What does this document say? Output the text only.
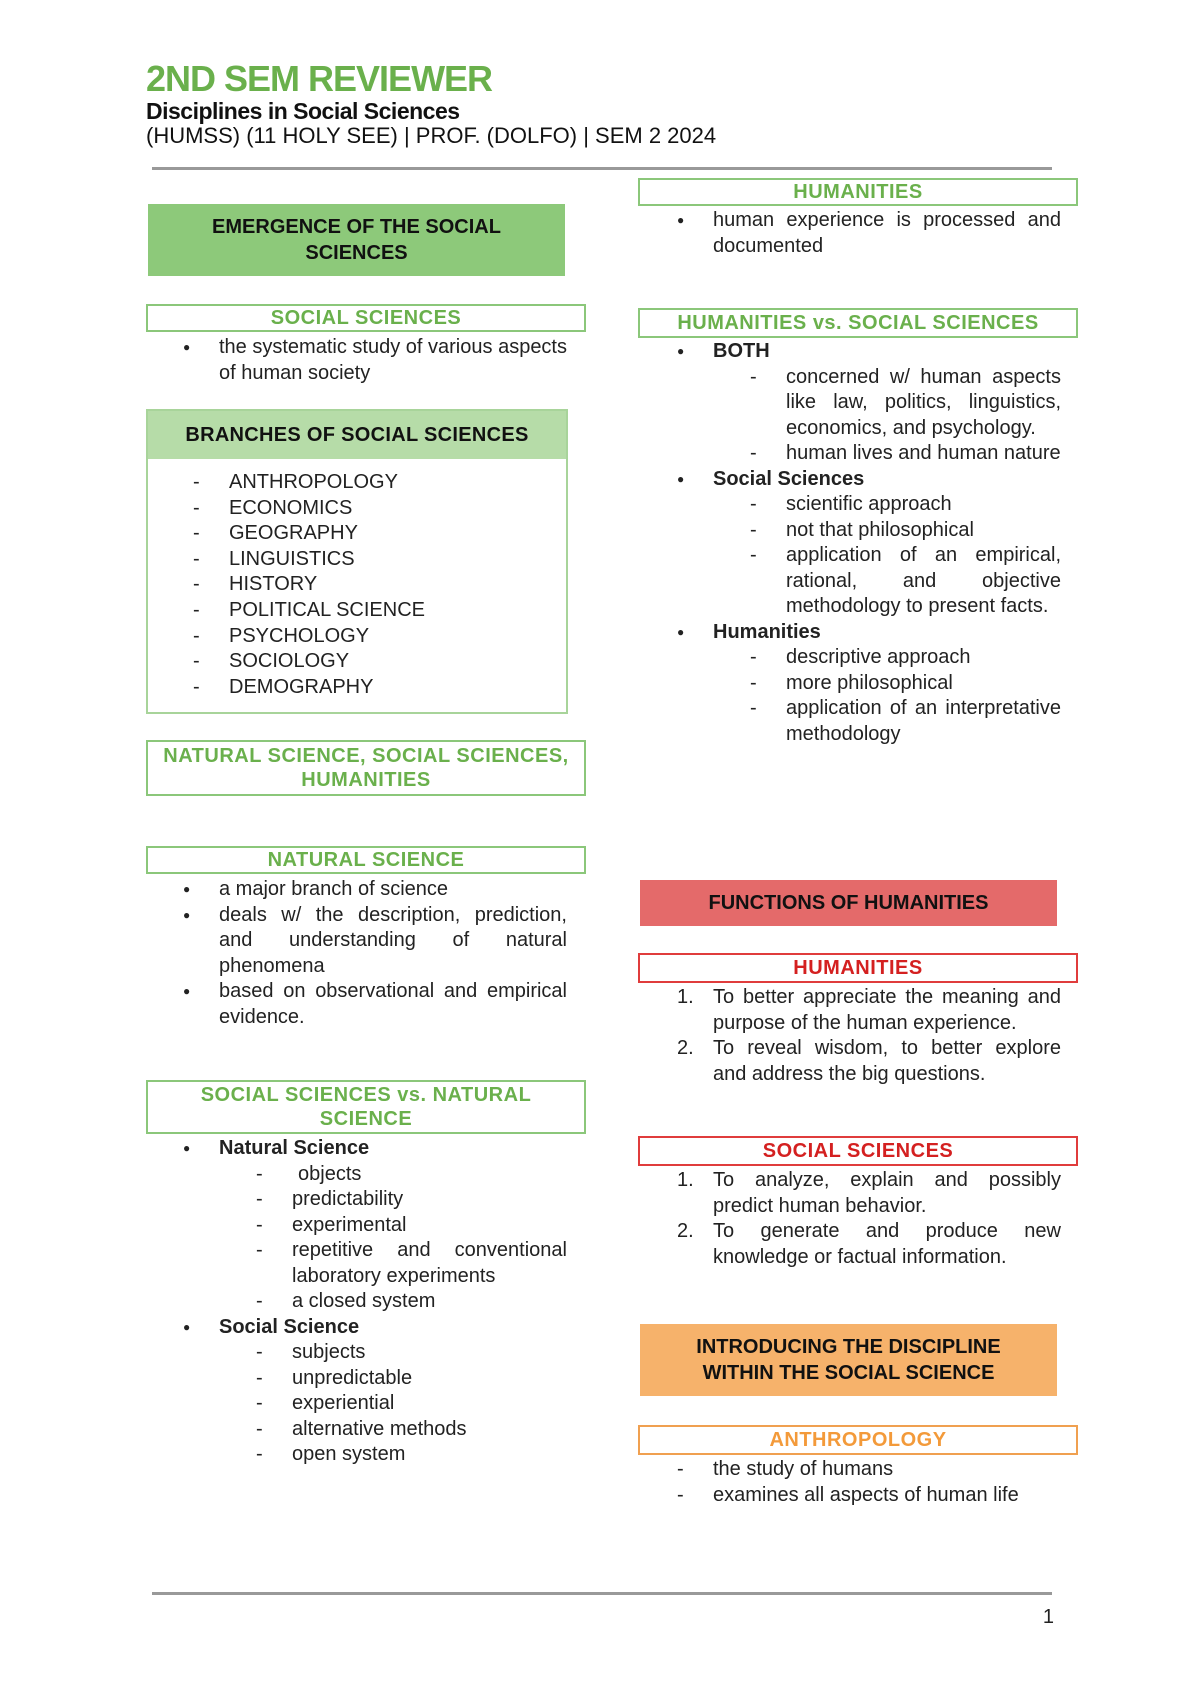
2ND SEM REVIEWER
Disciplines in Social Sciences
(HUMSS) (11 HOLY SEE) | PROF. (DOLFO) | SEM 2 2024
EMERGENCE OF THE SOCIAL SCIENCES
SOCIAL SCIENCES
● the systematic study of various aspects of human society
BRANCHES OF SOCIAL SCIENCES
- ANTHROPOLOGY
- ECONOMICS
- GEOGRAPHY
- LINGUISTICS
- HISTORY
- POLITICAL SCIENCE
- PSYCHOLOGY
- SOCIOLOGY
- DEMOGRAPHY
NATURAL SCIENCE, SOCIAL SCIENCES, HUMANITIES
NATURAL SCIENCE
● a major branch of science
● deals w/ the description, prediction, and understanding of natural phenomena
● based on observational and empirical evidence.
SOCIAL SCIENCES vs. NATURAL SCIENCE
● Natural Science
- objects
- predictability
- experimental
- repetitive and conventional laboratory experiments
- a closed system
● Social Science
- subjects
- unpredictable
- experiential
- alternative methods
- open system
HUMANITIES
● human experience is processed and documented
HUMANITIES vs. SOCIAL SCIENCES
● BOTH
- concerned w/ human aspects like law, politics, linguistics, economics, and psychology.
- human lives and human nature
● Social Sciences
- scientific approach
- not that philosophical
- application of an empirical, rational, and objective methodology to present facts.
● Humanities
- descriptive approach
- more philosophical
- application of an interpretative methodology
FUNCTIONS OF HUMANITIES
HUMANITIES
1. To better appreciate the meaning and purpose of the human experience.
2. To reveal wisdom, to better explore and address the big questions.
SOCIAL SCIENCES
1. To analyze, explain and possibly predict human behavior.
2. To generate and produce new knowledge or factual information.
INTRODUCING THE DISCIPLINE WITHIN THE SOCIAL SCIENCE
ANTHROPOLOGY
- the study of humans
- examines all aspects of human life
1
